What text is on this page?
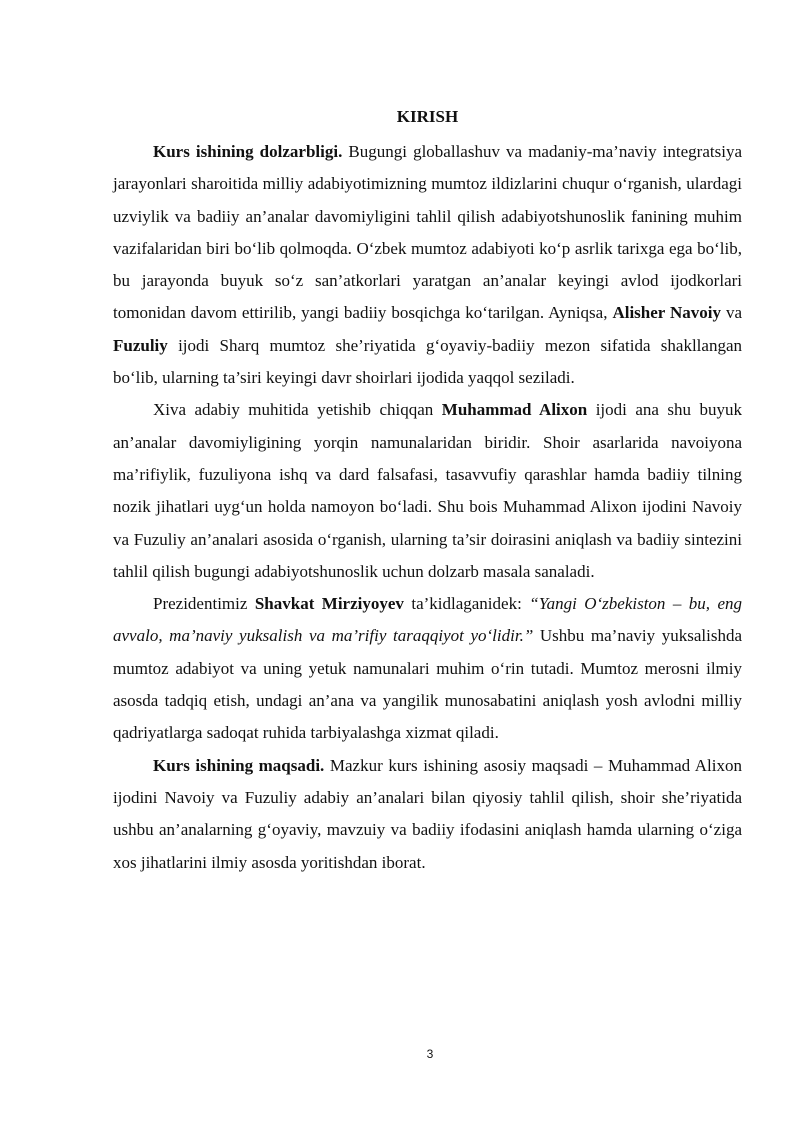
KIRISH

Kurs ishining dolzarbligi. Bugungi globallashuv va madaniy-ma’naviy integratsiya jarayonlari sharoitida milliy adabiyotimizning mumtoz ildizlarini chuqur o‘rganish, ulardagi uzviylik va badiiy an’analar davomiyligini tahlil qilish adabiyotshunoslik fanining muhim vazifalaridan biri bo‘lib qolmoqda. O‘zbek mumtoz adabiyoti ko‘p asrlik tarixga ega bo‘lib, bu jarayonda buyuk so‘z san’atkorlari yaratgan an’analar keyingi avlod ijodkorlari tomonidan davom ettirilib, yangi badiiy bosqichga ko‘tarilgan. Ayniqsa, Alisher Navoiy va Fuzuliy ijodi Sharq mumtoz she’riyatida g‘oyaviy-badiiy mezon sifatida shakllangan bo‘lib, ularning ta’siri keyingi davr shoirlari ijodida yaqqol seziladi.

Xiva adabiy muhitida yetishib chiqqan Muhammad Alixon ijodi ana shu buyuk an’analar davomiyligining yorqin namunalaridan biridir. Shoir asarlarida navoiyona ma’rifiylik, fuzuliyona ishq va dard falsafasi, tasavvufiy qarashlar hamda badiiy tilning nozik jihatlari uyg‘un holda namoyon bo‘ladi. Shu bois Muhammad Alixon ijodini Navoiy va Fuzuliy an’analari asosida o‘rganish, ularning ta’sir doirasini aniqlash va badiiy sintezini tahlil qilish bugungi adabiyotshunoslik uchun dolzarb masala sanaladi.

Prezidentimiz Shavkat Mirziyoyev ta’kidlaganidek: “Yangi O‘zbekiston – bu, eng avvalo, ma’naviy yuksalish va ma’rifiy taraqqiyot yo‘lidir.” Ushbu ma’naviy yuksalishda mumtoz adabiyot va uning yetuk namunalari muhim o‘rin tutadi. Mumtoz merosni ilmiy asosda tadqiq etish, undagi an’ana va yangilik munosabatini aniqlash yosh avlodni milliy qadriyatlarga sadoqat ruhida tarbiyalashga xizmat qiladi.

Kurs ishining maqsadi. Mazkur kurs ishining asosiy maqsadi – Muhammad Alixon ijodini Navoiy va Fuzuliy adabiy an’analari bilan qiyosiy tahlil qilish, shoir she’riyatida ushbu an’analarning g‘oyaviy, mavzuiy va badiiy ifodasini aniqlash hamda ularning o‘ziga xos jihatlarini ilmiy asosda yoritishdan iborat.

3
